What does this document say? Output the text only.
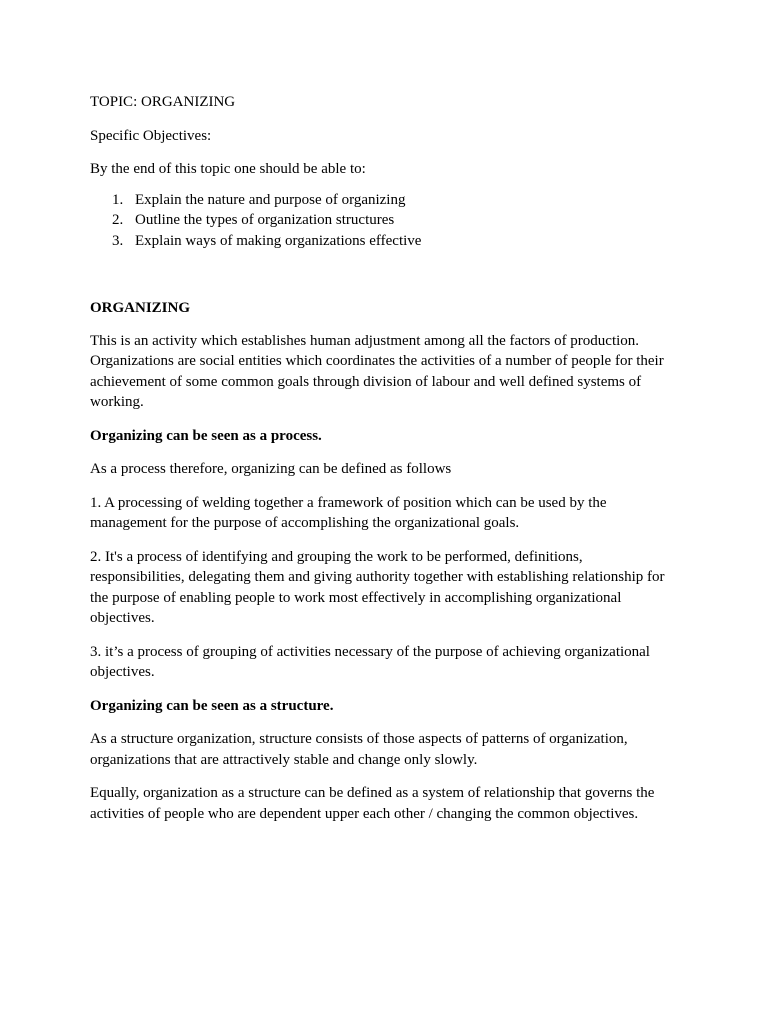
TOPIC: ORGANIZING

Specific Objectives:

By the end of this topic one should be able to:

1. Explain the nature and purpose of organizing
2. Outline the types of organization structures
3. Explain ways of making organizations effective

ORGANIZING

This is an activity which establishes human adjustment among all the factors of production. Organizations are social entities which coordinates the activities of a number of people for their achievement of some common goals through division of labour and well defined systems of working.

Organizing can be seen as a process.

As a process therefore, organizing can be defined as follows

1. A processing of welding together a framework of position which can be used by the management for the purpose of accomplishing the organizational goals.

2. It's a process of identifying and grouping the work to be performed, definitions, responsibilities, delegating them and giving authority together with establishing relationship for the purpose of enabling people to work most effectively in accomplishing organizational objectives.

3. it’s a process of grouping of activities necessary of the purpose of achieving organizational objectives.

Organizing can be seen as a structure.

As a structure organization, structure consists of those aspects of patterns of organization, organizations that are attractively stable and change only slowly.

Equally, organization as a structure can be defined as a system of relationship that governs the activities of people who are dependent upper each other / changing the common objectives.
